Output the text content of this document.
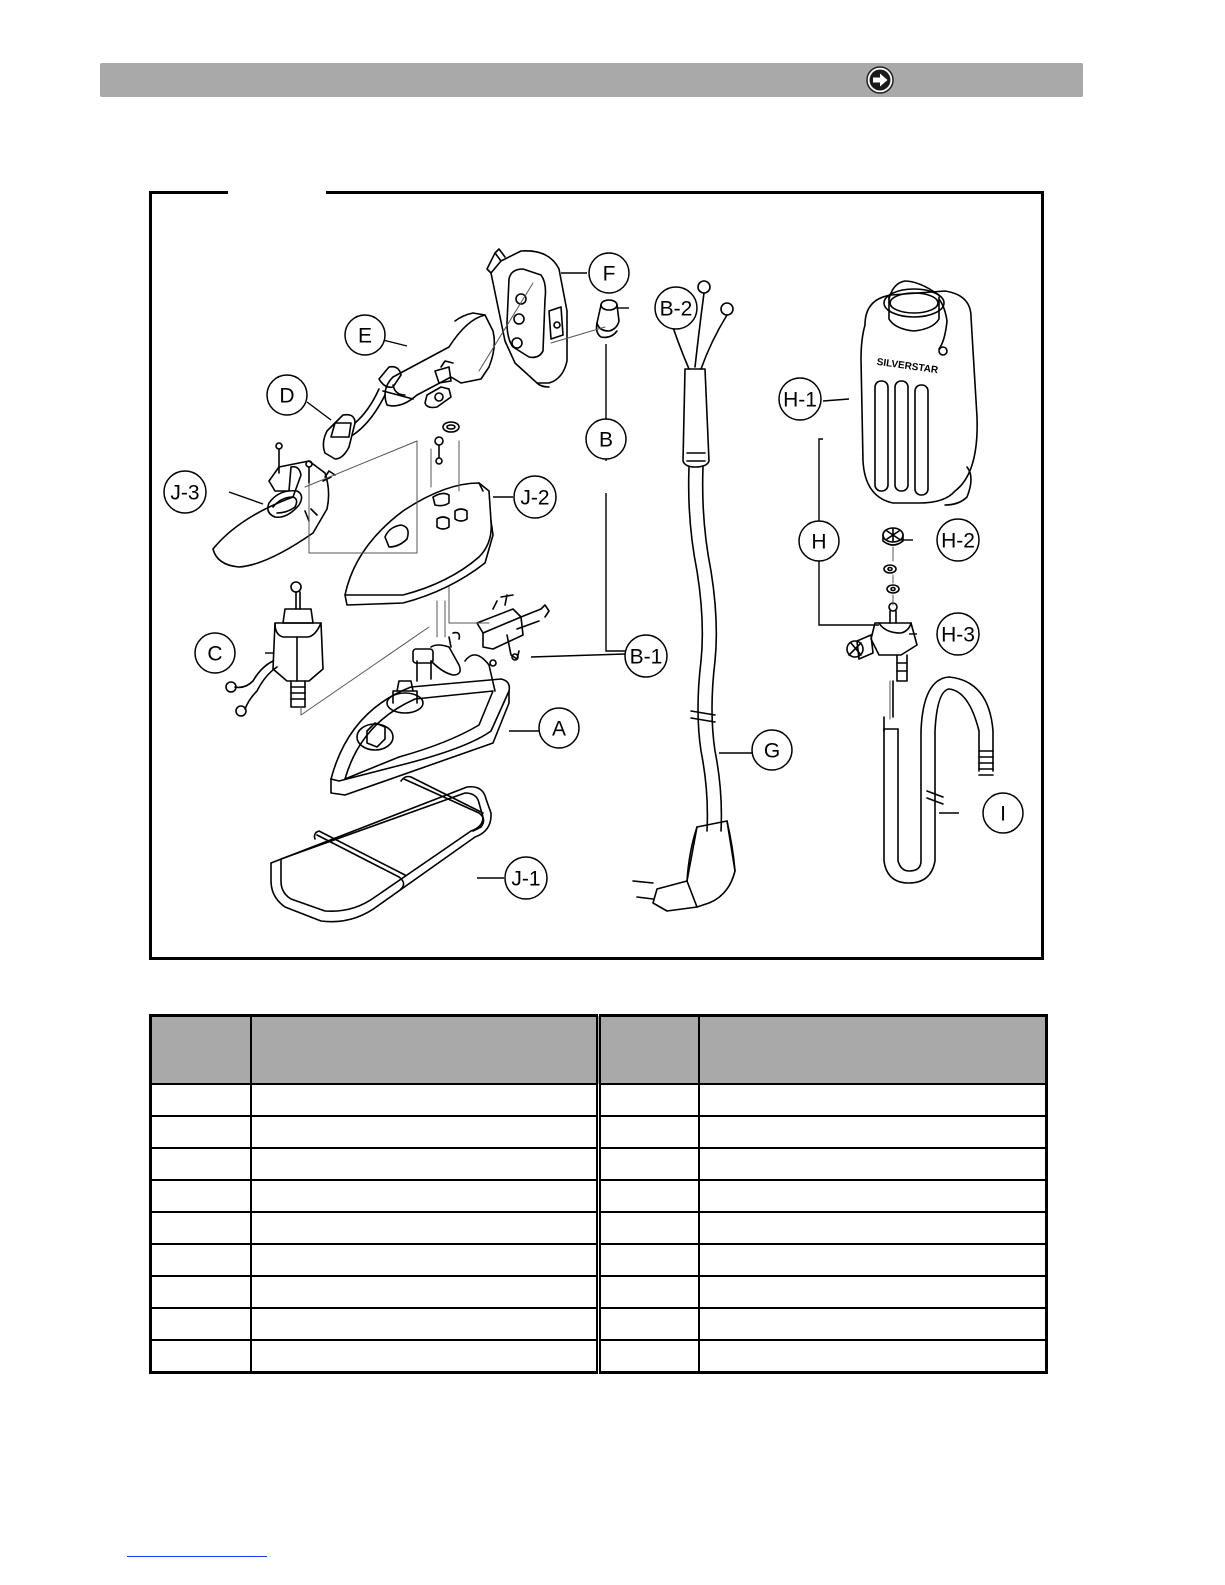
SILVERSTAR
F
B-2
E
D
J-3	J-2
B
B-1
C
A
G
J-1
H-1
H	H-2
H-3
I
